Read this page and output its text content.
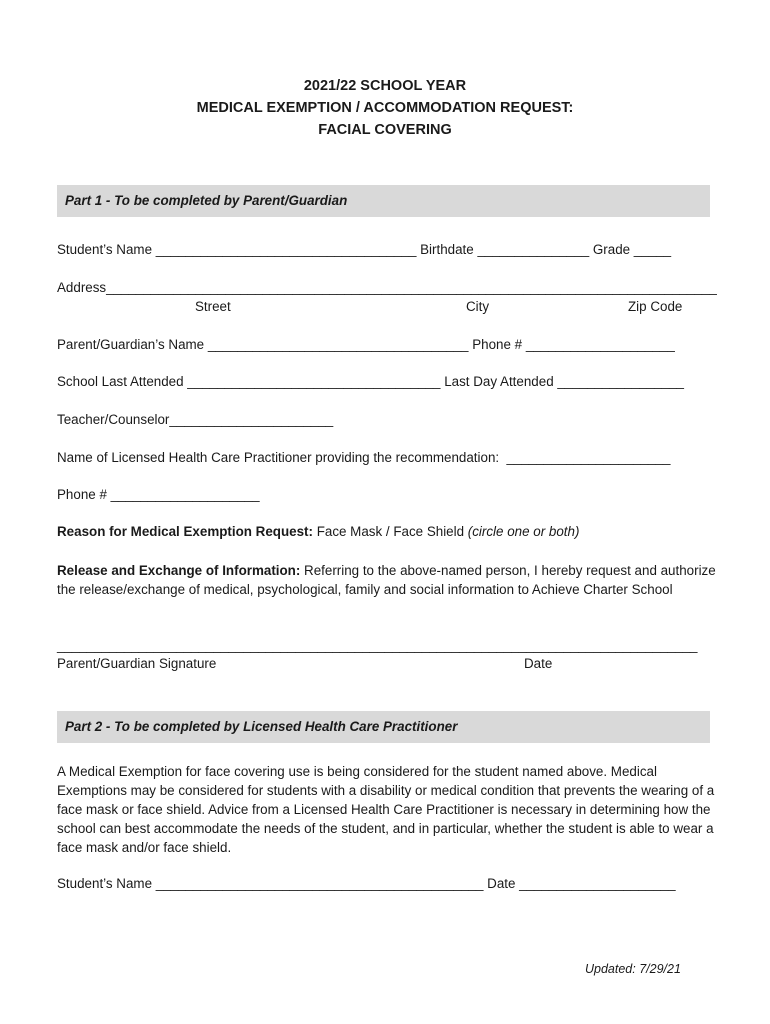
2021/22 SCHOOL YEAR
MEDICAL EXEMPTION / ACCOMMODATION REQUEST:
FACIAL COVERING
Part 1 - To be completed by Parent/Guardian
Student’s Name ___________________________________ Birthdate _______________ Grade _____
Address__________________________________________________________________________________
Street	City	Zip Code
Parent/Guardian’s Name ___________________________________ Phone # ____________________
School Last Attended __________________________________ Last Day Attended _________________
Teacher/Counselor______________________
Name of Licensed Health Care Practitioner providing the recommendation:  ______________________
Phone # ____________________
Reason for Medical Exemption Request: Face Mask / Face Shield (circle one or both)
Release and Exchange of Information: Referring to the above-named person, I hereby request and authorize the release/exchange of medical, psychological, family and social information to Achieve Charter School
______________________________________________________________________________________
Parent/Guardian Signature	Date
Part 2 - To be completed by Licensed Health Care Practitioner
A Medical Exemption for face covering use is being considered for the student named above. Medical Exemptions may be considered for students with a disability or medical condition that prevents the wearing of a face mask or face shield. Advice from a Licensed Health Care Practitioner is necessary in determining how the school can best accommodate the needs of the student, and in particular, whether the student is able to wear a face mask and/or face shield.
Student’s Name ____________________________________________ Date _____________________
Updated: 7/29/21
